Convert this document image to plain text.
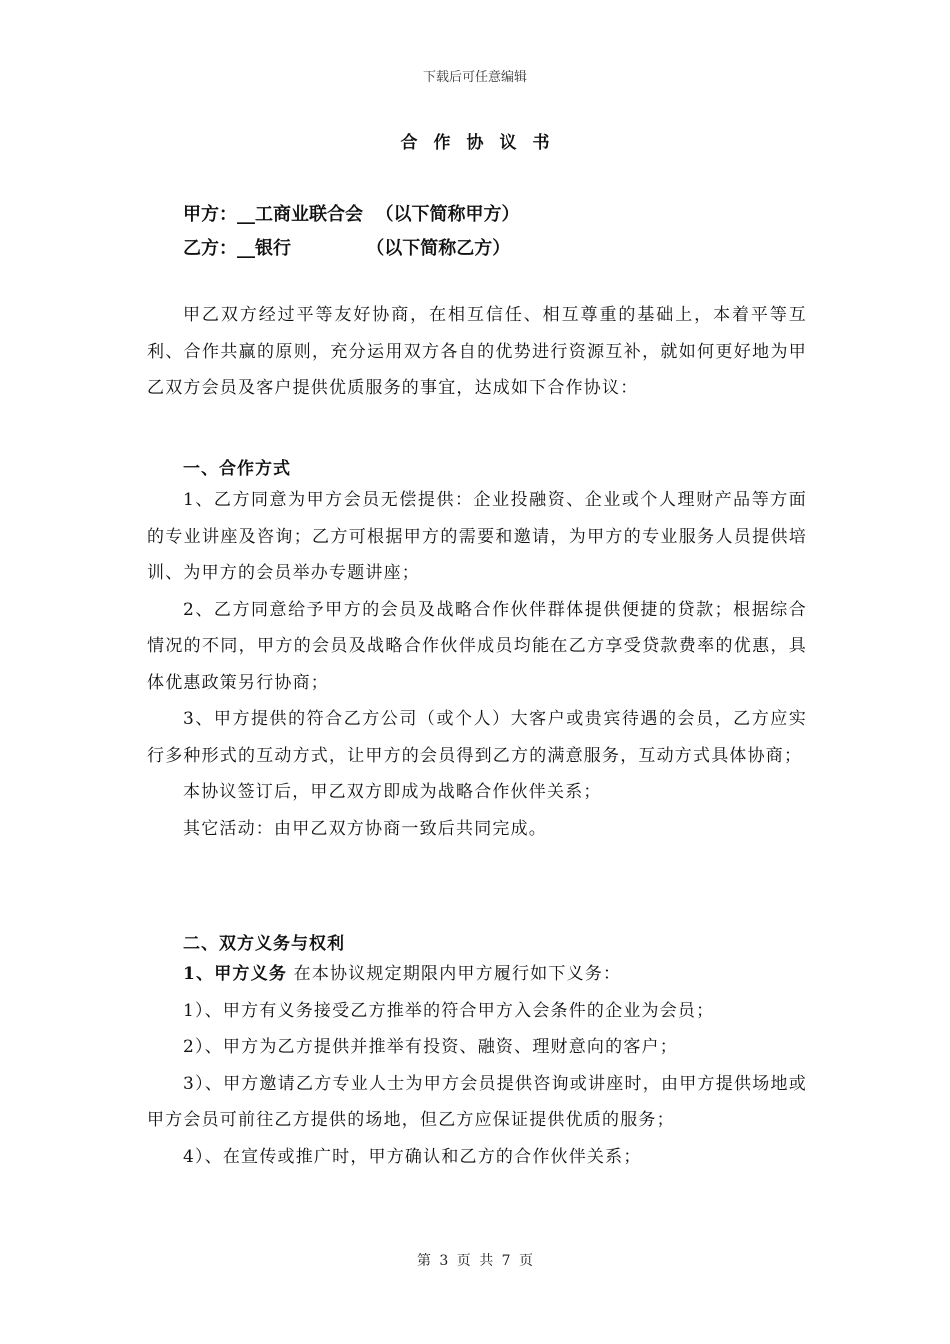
下载后可任意编辑
合作协议书
甲方：__工商业联合会  （以下简称甲方）
乙方：__银行            （以下简称乙方）

甲乙双方经过平等友好协商，在相互信任、相互尊重的基础上，本着平等互利、合作共赢的原则，充分运用双方各自的优势进行资源互补，就如何更好地为甲乙双方会员及客户提供优质服务的事宜，达成如下合作协议：

一、合作方式

1、乙方同意为甲方会员无偿提供：企业投融资、企业或个人理财产品等方面的专业讲座及咨询；乙方可根据甲方的需要和邀请，为甲方的专业服务人员提供培训、为甲方的会员举办专题讲座；

2、乙方同意给予甲方的会员及战略合作伙伴群体提供便捷的贷款；根据综合情况的不同，甲方的会员及战略合作伙伴成员均能在乙方享受贷款费率的优惠，具体优惠政策另行协商；

3、甲方提供的符合乙方公司（或个人）大客户或贵宾待遇的会员，乙方应实行多种形式的互动方式，让甲方的会员得到乙方的满意服务，互动方式具体协商；

本协议签订后，甲乙双方即成为战略合作伙伴关系；

其它活动：由甲乙双方协商一致后共同完成。

二、双方义务与权利

1、甲方义务 在本协议规定期限内甲方履行如下义务：

1）、甲方有义务接受乙方推举的符合甲方入会条件的企业为会员；

2）、甲方为乙方提供并推举有投资、融资、理财意向的客户；

3）、甲方邀请乙方专业人士为甲方会员提供咨询或讲座时，由甲方提供场地或甲方会员可前往乙方提供的场地，但乙方应保证提供优质的服务；

4）、在宣传或推广时，甲方确认和乙方的合作伙伴关系；

第 3 页 共 7 页
